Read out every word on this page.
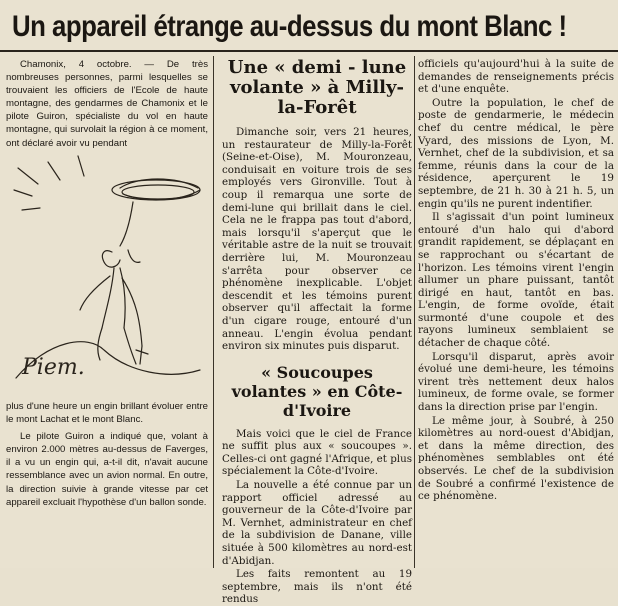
Un appareil étrange au-dessus du mont Blanc !

Chamonix, 4 octobre. — De très nombreuses personnes, parmi lesquelles se trouvaient les officiers de l'Ecole de haute montagne, des gendarmes de Chamonix et le pilote Guiron, spécialiste du vol en haute montagne, qui survolait la région à ce moment, ont déclaré avoir vu pendant

Piem.

plus d'une heure un engin brillant évoluer entre le mont Lachat et le mont Blanc.

Le pilote Guiron a indiqué que, volant à environ 2.000 mètres au-dessus de Faverges, il a vu un engin qui, a-t-il dit, n'avait aucune ressemblance avec un avion normal. En outre, la direction suivie à grande vitesse par cet appareil excluait l'hypothèse d'un ballon sonde.

Une « demi - lune volante » à Milly-la-Forêt

Dimanche soir, vers 21 heures, un restaurateur de Milly-la-Forêt (Seine-et-Oise), M. Mouronzeau, conduisait en voiture trois de ses employés vers Gironville. Tout à coup il remarqua une sorte de demi-lune qui brillait dans le ciel. Cela ne le frappa pas tout d'abord, mais lorsqu'il s'aperçut que le véritable astre de la nuit se trouvait derrière lui, M. Mouronzeau s'arrêta pour observer ce phénomène inexplicable. L'objet descendit et les témoins purent observer qu'il affectait la forme d'un cigare rouge, entouré d'un anneau. L'engin évolua pendant environ six minutes puis disparut.

« Soucoupes volantes » en Côte-d'Ivoire

Mais voici que le ciel de France ne suffit plus aux « soucoupes ». Celles-ci ont gagné l'Afrique, et plus spécialement la Côte-d'Ivoire.

La nouvelle a été connue par un rapport officiel adressé au gouverneur de la Côte-d'Ivoire par M. Vernhet, administrateur en chef de la subdivision de Danane, ville située à 500 kilomètres au nord-est d'Abidjan.

Les faits remontent au 19 septembre, mais ils n'ont été rendus

officiels qu'aujourd'hui à la suite de demandes de renseignements précis et d'une enquête.

Outre la population, le chef de poste de gendarmerie, le médecin chef du centre médical, le père Vyard, des missions de Lyon, M. Vernhet, chef de la subdivision, et sa femme, réunis dans la cour de la résidence, aperçurent le 19 septembre, de 21 h. 30 à 21 h. 5, un engin qu'ils ne purent indentifier.

Il s'agissait d'un point lumineux entouré d'un halo qui d'abord grandit rapidement, se déplaçant en se rapprochant ou s'écartant de l'horizon. Les témoins virent l'engin allumer un phare puissant, tantôt dirigé en haut, tantôt en bas. L'engin, de forme ovoïde, était surmonté d'une coupole et des rayons lumineux semblaient se détacher de chaque côté.

Lorsqu'il disparut, après avoir évolué une demi-heure, les témoins virent très nettement deux halos lumineux, de forme ovale, se former dans la direction prise par l'engin.

Le même jour, à Soubré, à 250 kilomètres au nord-ouest d'Abidjan, et dans la même direction, des phénomènes semblables ont été observés. Le chef de la subdivision de Soubré a confirmé l'existence de ce phénomène.
